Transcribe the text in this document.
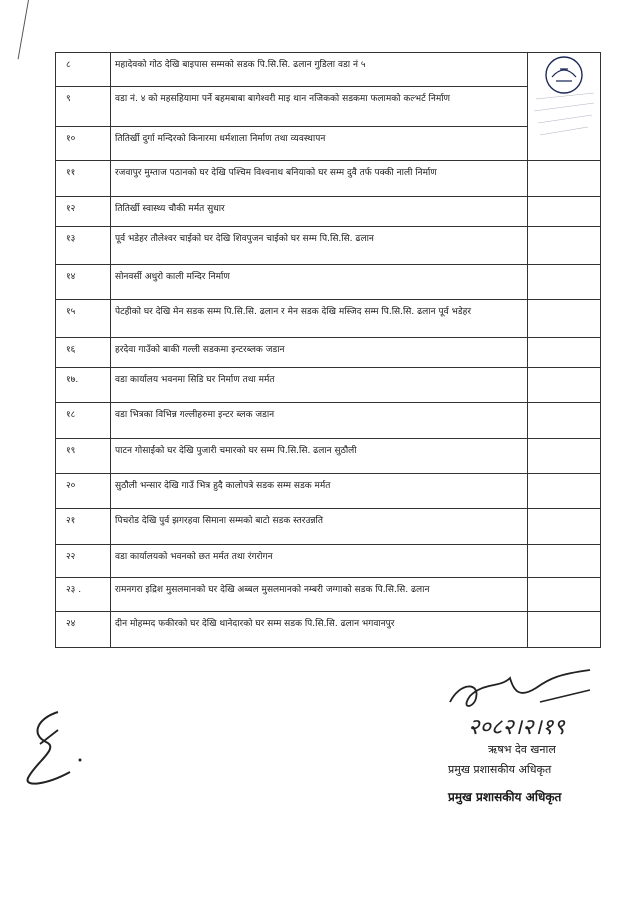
८	महादेवको गोठ देखि बाइपास सम्मको सडक पि.सि.सि. ढलान गुडिला वडा नं ५	

९	वडा नं. ४ को महसहियामा पर्ने बहमबाबा बागेश्वरी माइ थान नजिकको सडकमा फलामको कल्भर्ट निर्माण	
१०	तितिर्खी दुर्गा मन्दिरको किनारमा धर्मशाला निर्माण तथा व्यवस्थापन	
११	रजवापुर मुम्ताज पठानको घर देखि पश्चिम विश्वनाथ बनियाको घर सम्म दुवै तर्फ पक्की नाली निर्माण	
१२	तितिर्खी स्वास्थ्य चौकी मर्मत सुधार	
१३	पूर्व भडेहर तौलेश्वर चाईको घर देखि शिवपुजन चाईको घर सम्म पि.सि.सि. ढलान	
१४	सोनवर्सी अधुरो काली मन्दिर निर्माण	
१५	पेटहीको घर देखि मेन सडक सम्म पि.सि.सि. ढलान र मेन सडक देखि मस्जिद सम्म पि.सि.सि. ढलान पूर्व भडेहर	
१६	हरदेवा गाउँको बाकी गल्ली सडकमा इन्टरब्लक जडान	
१७.	वडा कार्यालय भवनमा सिडि घर निर्माण तथा मर्मत	
१८	वडा भित्रका विभिन्न गल्लीहरुमा इन्टर ब्लक जडान	
१९	पाटन गोसाईको घर देखि पुजारी चमारको घर सम्म पि.सि.सि. ढलान सुठौली	
२०	सुठौली भन्सार देखि गाउँ भित्र हुदै कालोपत्रे सडक सम्म सडक मर्मत	
२१	पिचरोड देखि पुर्व झगरहवा सिमाना सम्मको बाटो सडक स्तरउन्नति	
२२	वडा कार्यालयको भवनको छत मर्मत तथा रंगरोगन	
२३ .	रामनगरा इद्रिश मुसलमानको घर देखि अब्बल मुसलमानको नम्बरी जग्गाको सडक पि.सि.सि. ढलान	
२४	दीन मोहम्मद फकीरको घर देखि थानेदारको घर सम्म सडक पि.सि.सि. ढलान भगवानपुर	
२०८२।२।१९
ऋषभ देव खनाल
प्रमुख प्रशासकीय अधिकृत
प्रमुख प्रशासकीय अधिकृत
